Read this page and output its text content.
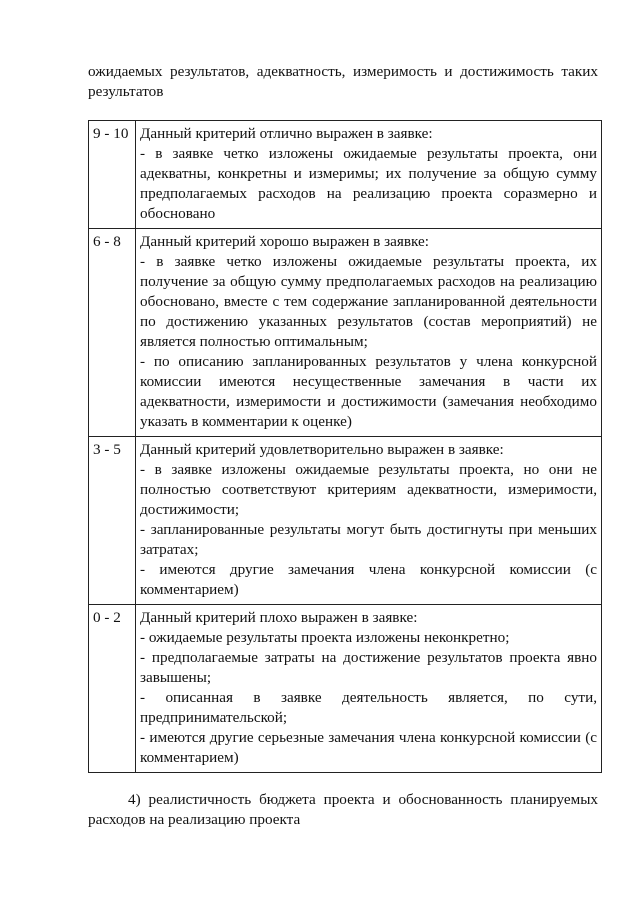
ожидаемых результатов, адекватность, измеримость и достижимость таких
результатов
9 - 10	Данный критерий отлично выражен в заявке:

- в заявке четко изложены ожидаемые результаты проекта, они адекватны, конкретны и измеримы; их получение за общую сумму предполагаемых расходов на реализацию проекта соразмерно и обосновано

6 - 8	Данный критерий хорошо выражен в заявке:

- в заявке четко изложены ожидаемые результаты проекта, их получение за общую сумму предполагаемых расходов на реализацию обосновано, вместе с тем содержание запланированной деятельности по достижению указанных результатов (состав мероприятий) не является полностью оптимальным;

- по описанию запланированных результатов у члена конкурсной комиссии имеются несущественные замечания в части их адекватности, измеримости и достижимости (замечания необходимо указать в комментарии к оценке)

3 - 5	Данный критерий удовлетворительно выражен в заявке:

- в заявке изложены ожидаемые результаты проекта, но они не полностью соответствуют критериям адекватности, измеримости, достижимости;

- запланированные результаты могут быть достигнуты при меньших затратах;

- имеются другие замечания члена конкурсной комиссии (с комментарием)

0 - 2	Данный критерий плохо выражен в заявке:

- ожидаемые результаты проекта изложены неконкретно;

- предполагаемые затраты на достижение результатов проекта явно завышены;

- описанная в заявке деятельность является, по сути, предпринимательской;

- имеются другие серьезные замечания члена конкурсной комиссии (с комментарием)

4) реалистичность бюджета проекта и обоснованность планируемых расходов на реализацию проекта
